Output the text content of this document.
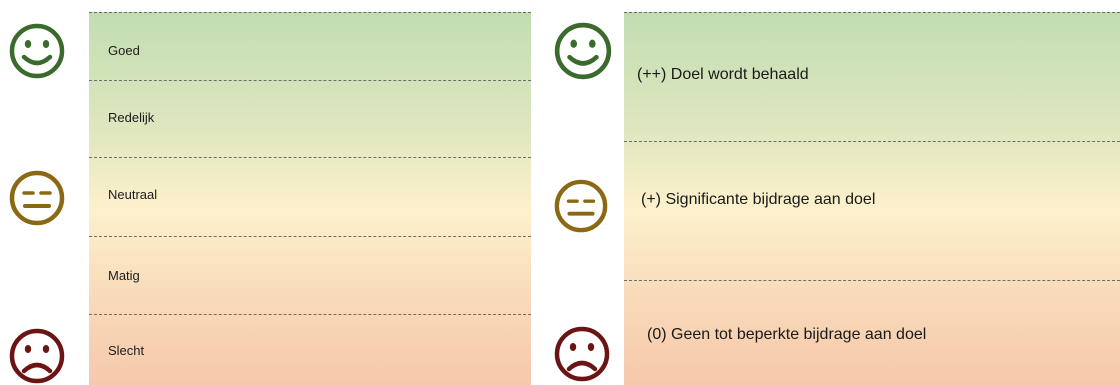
Goed
Redelijk
Neutraal
Matig
Slecht
(++) Doel wordt behaald
(+) Significante bijdrage aan doel
(0) Geen tot beperkte bijdrage aan doel
